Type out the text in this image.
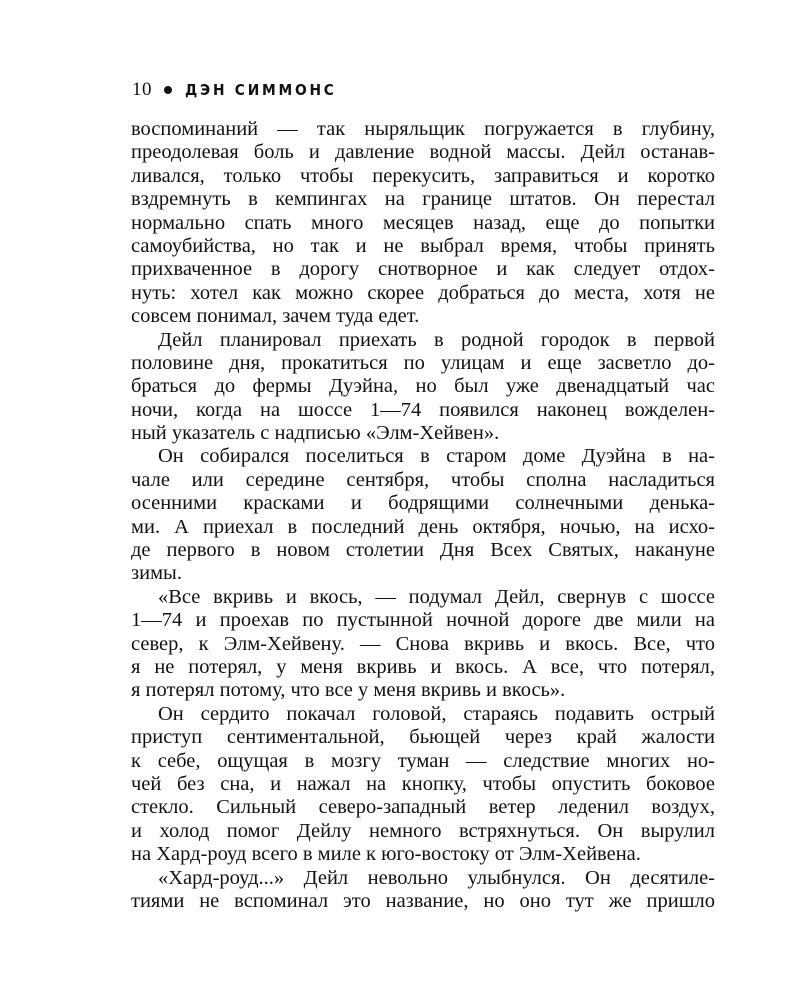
10 ДЭН СИММОНС
воспоминаний — так ныряльщик погружается в глубину,
преодолевая боль и давление водной массы. Дейл останав-
ливался, только чтобы перекусить, заправиться и коротко
вздремнуть в кемпингах на границе штатов. Он перестал
нормально спать много месяцев назад, еще до попытки
самоубийства, но так и не выбрал время, чтобы принять
прихваченное в дорогу снотворное и как следует отдох-
нуть: хотел как можно скорее добраться до места, хотя не
совсем понимал, зачем туда едет.
Дейл планировал приехать в родной городок в первой
половине дня, прокатиться по улицам и еще засветло до-
браться до фермы Дуэйна, но был уже двенадцатый час
ночи, когда на шоссе 1—74 появился наконец вожделен-
ный указатель с надписью «Элм-Хейвен».
Он собирался поселиться в старом доме Дуэйна в на-
чале или середине сентября, чтобы сполна насладиться
осенними красками и бодрящими солнечными денька-
ми. А приехал в последний день октября, ночью, на исхо-
де первого в новом столетии Дня Всех Святых, накануне
зимы.
«Все вкривь и вкось, — подумал Дейл, свернув с шоссе
1—74 и проехав по пустынной ночной дороге две мили на
север, к Элм-Хейвену. — Снова вкривь и вкось. Все, что
я не потерял, у меня вкривь и вкось. А все, что потерял,
я потерял потому, что все у меня вкривь и вкось».
Он сердито покачал головой, стараясь подавить острый
приступ сентиментальной, бьющей через край жалости
к себе, ощущая в мозгу туман — следствие многих но-
чей без сна, и нажал на кнопку, чтобы опустить боковое
стекло. Сильный северо-западный ветер леденил воздух,
и холод помог Дейлу немного встряхнуться. Он вырулил
на Хард-роуд всего в миле к юго-востоку от Элм-Хейвена.
«Хард-роуд...» Дейл невольно улыбнулся. Он десятиле-
тиями не вспоминал это название, но оно тут же пришло
